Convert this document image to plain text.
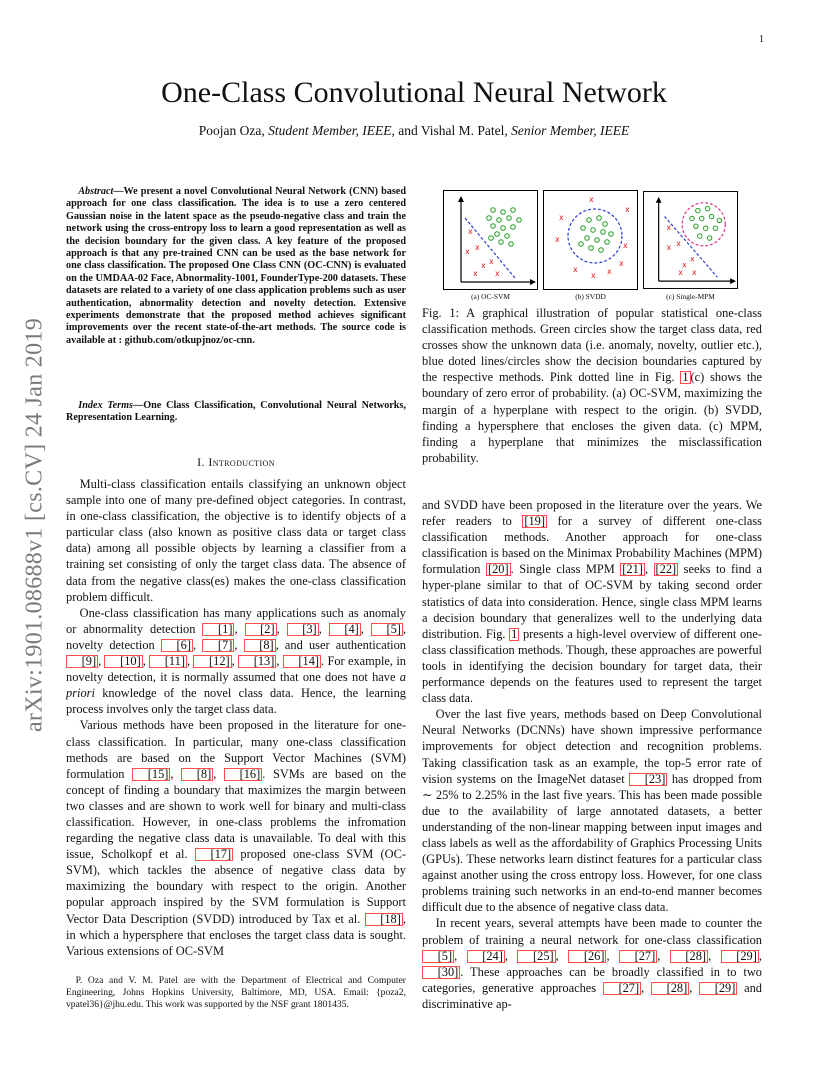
1
arXiv:1901.08688v1 [cs.CV] 24 Jan 2019
One-Class Convolutional Neural Network
Poojan Oza, Student Member, IEEE, and Vishal M. Patel, Senior Member, IEEE
Abstract—We present a novel Convolutional Neural Network (CNN) based approach for one class classification. The idea is to use a zero centered Gaussian noise in the latent space as the pseudo-negative class and train the network using the cross-entropy loss to learn a good representation as well as the decision boundary for the given class. A key feature of the proposed approach is that any pre-trained CNN can be used as the base network for one class classification. The proposed One Class CNN (OC-CNN) is evaluated on the UMDAA-02 Face, Abnormality-1001, FounderType-200 datasets. These datasets are related to a variety of one class application problems such as user authentication, abnormality detection and novelty detection. Extensive experiments demonstrate that the proposed method achieves significant improvements over the recent state-of-the-art methods. The source code is available at : github.com/otkupjnoz/oc-cnn.
Index Terms—One Class Classification, Convolutional Neural Networks, Representation Learning.
I. Introduction

Multi-class classification entails classifying an unknown object sample into one of many pre-defined object categories. In contrast, in one-class classification, the objective is to identify objects of a particular class (also known as positive class data or target class data) among all possible objects by learning a classifier from a training set consisting of only the target class data. The absence of data from the negative class(es) makes the one-class classification problem difficult.

One-class classification has many applications such as anomaly or abnormality detection [1] , [2] , [3] , [4] , [5] , novelty detection [6] , [7] , [8] , and user authentication [9] , [10] , [11] , [12] , [13] , [14] . For example, in novelty detection, it is normally assumed that one does not have a priori knowledge of the novel class data. Hence, the learning process involves only the target class data.

Various methods have been proposed in the literature for one-class classification. In particular, many one-class classification methods are based on the Support Vector Machines (SVM) formulation [15] , [8] , [16] . SVMs are based on the concept of finding a boundary that maximizes the margin between two classes and are shown to work well for binary and multi-class classification. However, in one-class problems the infromation regarding the negative class data is unavailable. To deal with this issue, Scholkopf et al. [17] proposed one-class SVM (OC-SVM), which tackles the absence of negative class data by maximizing the boundary with respect to the origin. Another popular approach inspired by the SVM formulation is Support Vector Data Description (SVDD) introduced by Tax et al. [18] , in which a hypersphere that encloses the target class data is sought. Various extensions of OC-SVM

P. Oza and V. M. Patel are with the Department of Electrical and Computer Engineering, Johns Hopkins University, Baltimore, MD, USA. Email: {poza2, vpatel36}@jhu.edu. This work was supported by the NSF grant 1801435.

x
x
x
x x
x
x
x
x
x
x
x
x
x x
x
x
x
x
x
x
x
x
(a) OC-SVM	(b) SVDD	(c) Single-MPM
Fig. 1: A graphical illustration of popular statistical one-class classification methods. Green circles show the target class data, red crosses show the unknown data (i.e. anomaly, novelty, outlier etc.), blue doted lines/circles show the decision boundaries captured by the respective methods. Pink dotted line in Fig. 1 (c) shows the boundary of zero error of probability. (a) OC-SVM, maximizing the margin of a hyperplane with respect to the origin. (b) SVDD, finding a hypersphere that encloses the given data. (c) MPM, finding a hyperplane that minimizes the misclassification probability.

and SVDD have been proposed in the literature over the years. We refer readers to [19] for a survey of different one-class classification methods. Another approach for one-class classification is based on the Minimax Probability Machines (MPM) formulation [20] . Single class MPM [21] , [22] seeks to find a hyper-plane similar to that of OC-SVM by taking second order statistics of data into consideration. Hence, single class MPM learns a decision boundary that generalizes well to the underlying data distribution. Fig. 1 presents a high-level overview of different one-class classification methods. Though, these approaches are powerful tools in identifying the decision boundary for target data, their performance depends on the features used to represent the target class data.

Over the last five years, methods based on Deep Convolutional Neural Networks (DCNNs) have shown impressive performance improvements for object detection and recognition problems. Taking classification task as an example, the top-5 error rate of vision systems on the ImageNet dataset [23] has dropped from ∼ 25% to 2.25% in the last five years. This has been made possible due to the availability of large annotated datasets, a better understanding of the non-linear mapping between input images and class labels as well as the affordability of Graphics Processing Units (GPUs). These networks learn distinct features for a particular class against another using the cross entropy loss. However, for one class problems training such networks in an end-to-end manner becomes difficult due to the absence of negative class data.

In recent years, several attempts have been made to counter the problem of training a neural network for one-class classification [5] , [24] , [25] , [26] , [27] , [28] , [29] , [30] . These approaches can be broadly classified in to two categories, generative approaches [27] , [28] , [29] and discriminative ap-
